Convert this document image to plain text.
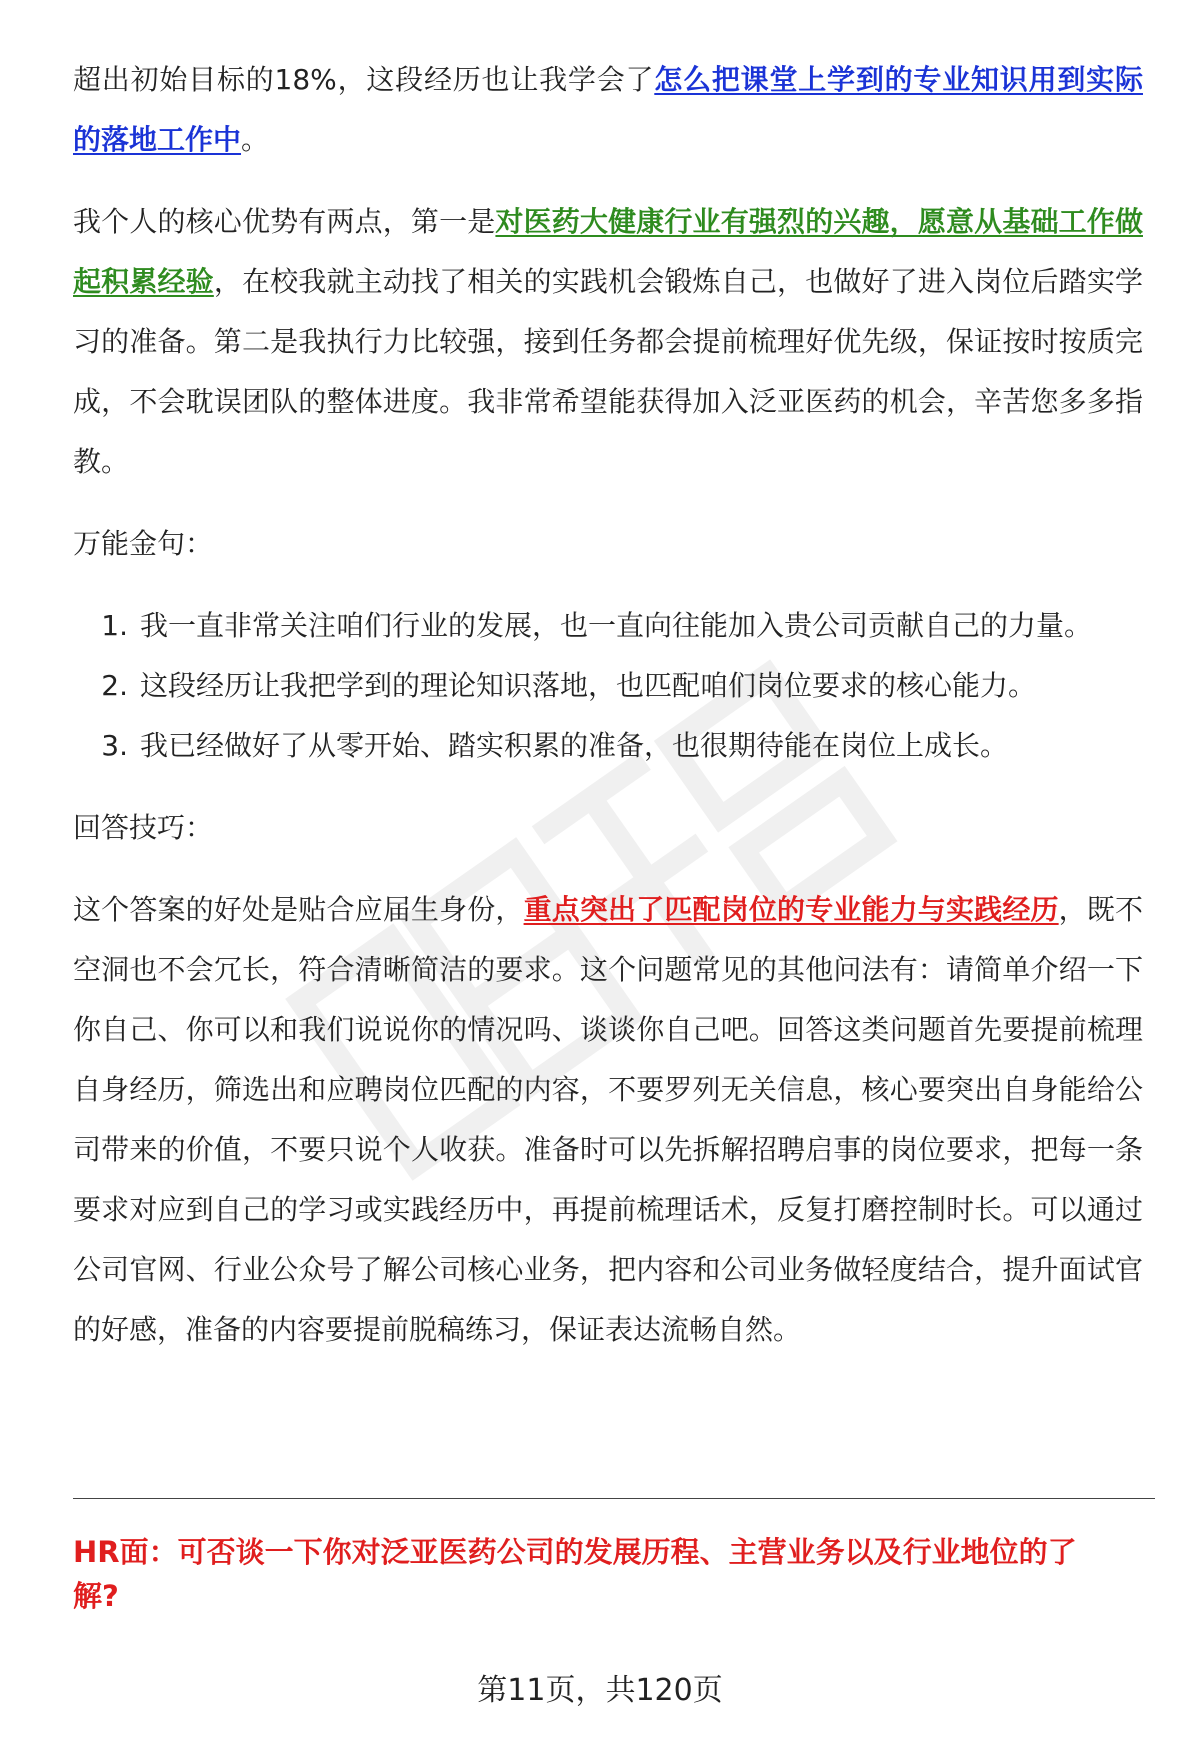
超出初始目标的18%，这段经历也让我学会了怎么把课堂上学到的专业知识用到实际的落地工作中。

我个人的核心优势有两点，第一是对医药大健康行业有强烈的兴趣，愿意从基础工作做起积累经验，在校我就主动找了相关的实践机会锻炼自己，也做好了进入岗位后踏实学习的准备。第二是我执行力比较强，接到任务都会提前梳理好优先级，保证按时按质完成，不会耽误团队的整体进度。我非常希望能获得加入泛亚医药的机会，辛苦您多多指教。

万能金句：

1. 我一直非常关注咱们行业的发展，也一直向往能加入贵公司贡献自己的力量。
2. 这段经历让我把学到的理论知识落地，也匹配咱们岗位要求的核心能力。
3. 我已经做好了从零开始、踏实积累的准备，也很期待能在岗位上成长。

回答技巧：

这个答案的好处是贴合应届生身份，重点突出了匹配岗位的专业能力与实践经历，既不空洞也不会冗长，符合清晰简洁的要求。这个问题常见的其他问法有：请简单介绍一下你自己、你可以和我们说说你的情况吗、谈谈你自己吧。回答这类问题首先要提前梳理自身经历，筛选出和应聘岗位匹配的内容，不要罗列无关信息，核心要突出自身能给公司带来的价值，不要只说个人收获。准备时可以先拆解招聘启事的岗位要求，把每一条要求对应到自己的学习或实践经历中，再提前梳理话术，反复打磨控制时长。可以通过公司官网、行业公众号了解公司核心业务，把内容和公司业务做轻度结合，提升面试官的好感，准备的内容要提前脱稿练习，保证表达流畅自然。

HR面：可否谈一下你对泛亚医药公司的发展历程、主营业务以及行业地位的了解?
第11页，共120页
